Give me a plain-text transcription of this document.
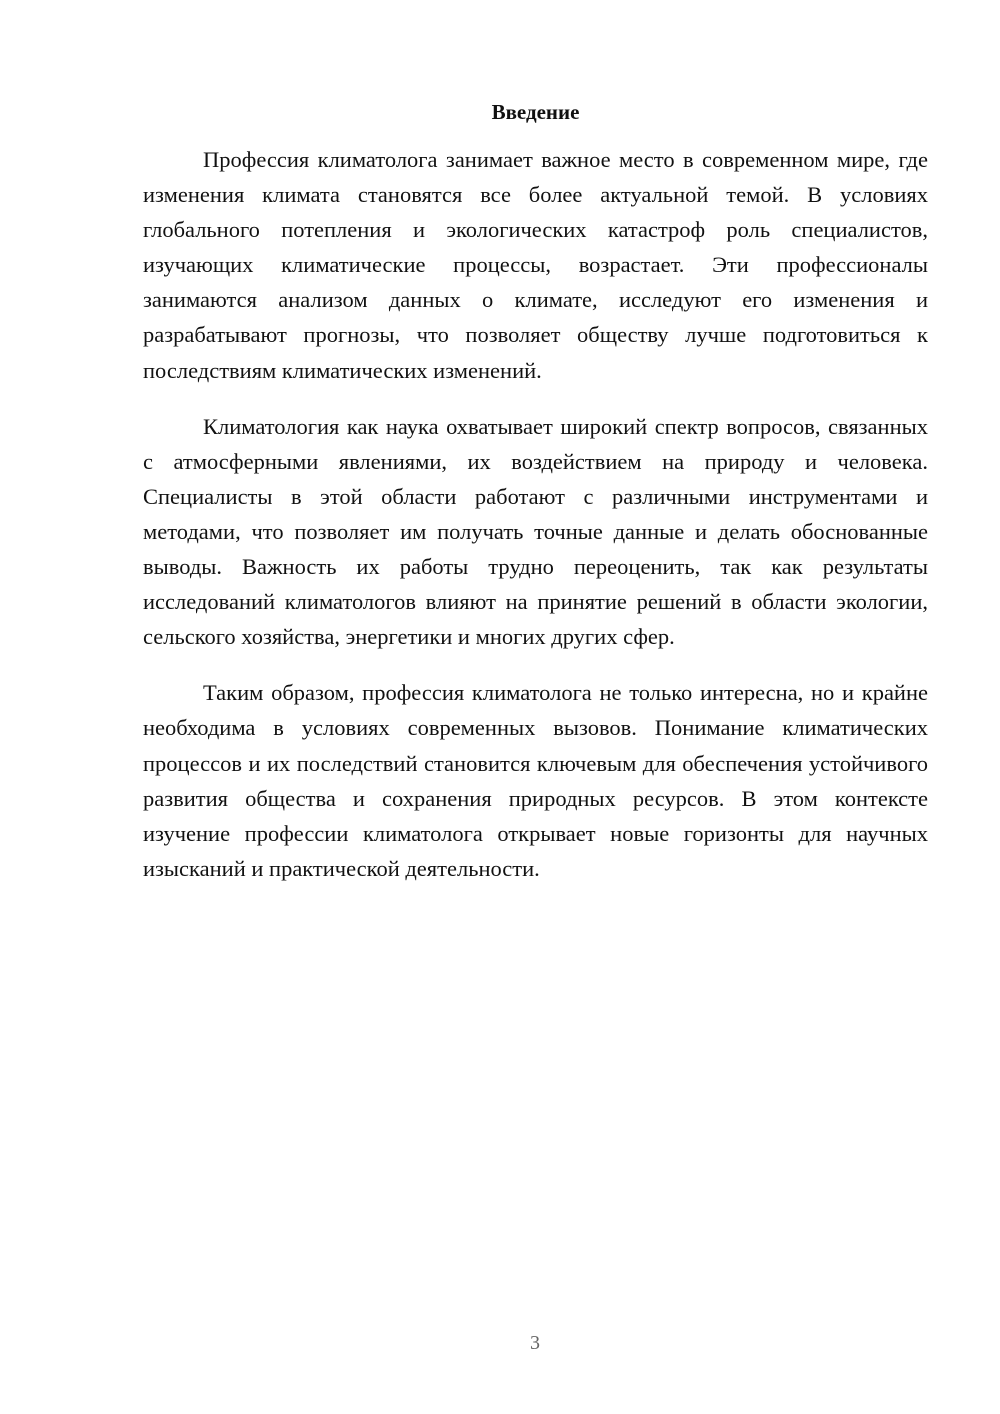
Введение

Профессия климатолога занимает важное место в современном мире, где изменения климата становятся все более актуальной темой. В условиях глобального потепления и экологических катастроф роль специалистов, изучающих климатические процессы, возрастает. Эти профессионалы занимаются анализом данных о климате, исследуют его изменения и разрабатывают прогнозы, что позволяет обществу лучше подготовиться к последствиям климатических изменений.

Климатология как наука охватывает широкий спектр вопросов, связанных с атмосферными явлениями, их воздействием на природу и человека. Специалисты в этой области работают с различными инструментами и методами, что позволяет им получать точные данные и делать обоснованные выводы. Важность их работы трудно переоценить, так как результаты исследований климатологов влияют на принятие решений в области экологии, сельского хозяйства, энергетики и многих других сфер.

Таким образом, профессия климатолога не только интересна, но и крайне необходима в условиях современных вызовов. Понимание климатических процессов и их последствий становится ключевым для обеспечения устойчивого развития общества и сохранения природных ресурсов. В этом контексте изучение профессии климатолога открывает новые горизонты для научных изысканий и практической деятельности.

3
